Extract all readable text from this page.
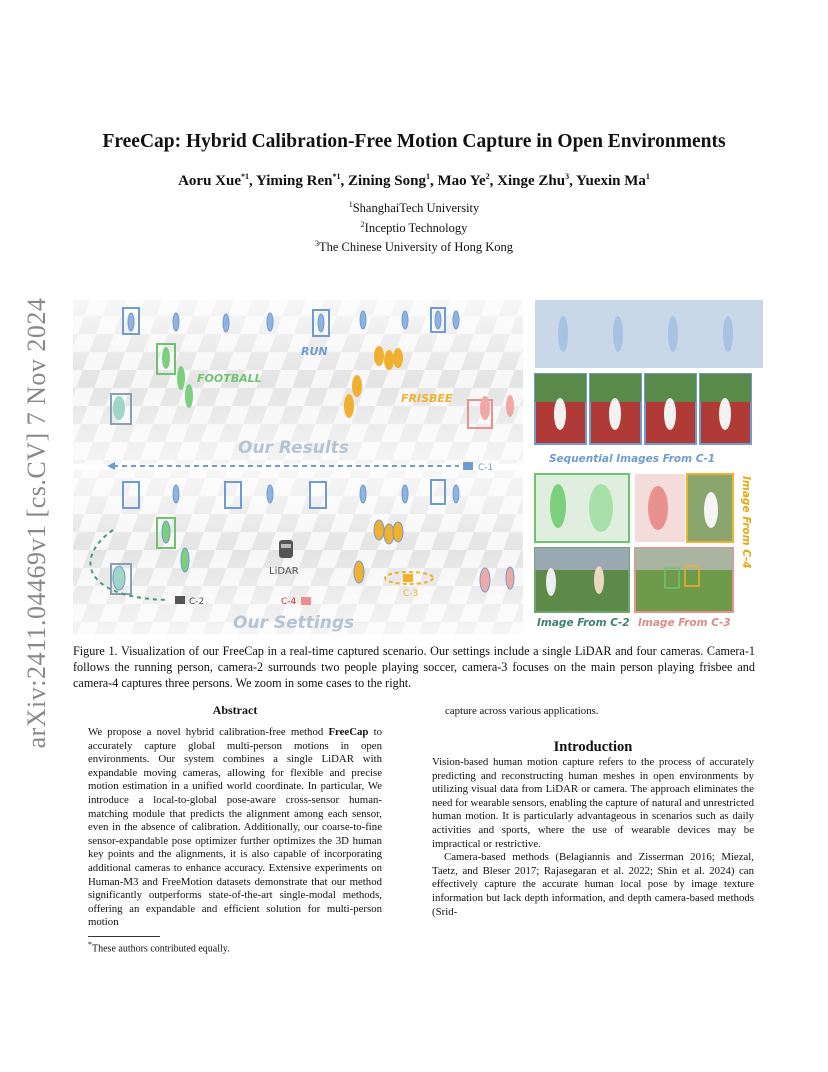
arXiv:2411.04469v1 [cs.CV] 7 Nov 2024
FreeCap: Hybrid Calibration-Free Motion Capture in Open Environments
Aoru Xue$^{*1}$, Yiming Ren$^{*1}$, Zining Song$^1$, Mao Ye$^2$, Xinge Zhu$^3$, Yuexin Ma$^1$
$^1$ShanghaiTech University
$^2$Inceptio Technology
$^3$The Chinese University of Hong Kong
RUN
FOOTBALL
FRISBEE
Our Results
C-1
LiDAR
C-2	C-4
C-3
Our Settings
Sequential Images From C-1
Image From C-4
Image From C-2 Image From C-3
Figure 1. Visualization of our FreeCap in a real-time captured scenario. Our settings include a single LiDAR and four cameras. Camera-1 follows the running person, camera-2 surrounds two people playing soccer, camera-3 focuses on the main person playing frisbee and camera-4 captures three persons. We zoom in some cases to the right.
Abstract

We propose a novel hybrid calibration-free method FreeCap to accurately capture global multi-person motions in open environments. Our system combines a single LiDAR with expandable moving cameras, allowing for flexible and precise motion estimation in a unified world coordinate. In particular, We introduce a local-to-global pose-aware cross-sensor human-matching module that predicts the alignment among each sensor, even in the absence of calibration. Additionally, our coarse-to-fine sensor-expandable pose optimizer further optimizes the 3D human key points and the alignments, it is also capable of incorporating additional cameras to enhance accuracy. Extensive experiments on Human-M3 and FreeMotion datasets demonstrate that our method significantly outperforms state-of-the-art single-modal methods, offering an expandable and efficient solution for multi-person motion

*These authors contributed equally.
capture across various applications.
Introduction

Vision-based human motion capture refers to the process of accurately predicting and reconstructing human meshes in open environments by utilizing visual data from LiDAR or camera. The approach eliminates the need for wearable sensors, enabling the capture of natural and unrestricted human motion. It is particularly advantageous in scenarios such as daily activities and sports, where the use of wearable devices may be impractical or restrictive.

Camera-based methods (Belagiannis and Zisserman 2016; Miezal, Taetz, and Bleser 2017; Rajasegaran et al. 2022; Shin et al. 2024) can effectively capture the accurate human local pose by image texture information but lack depth information, and depth camera-based methods (Srid-
